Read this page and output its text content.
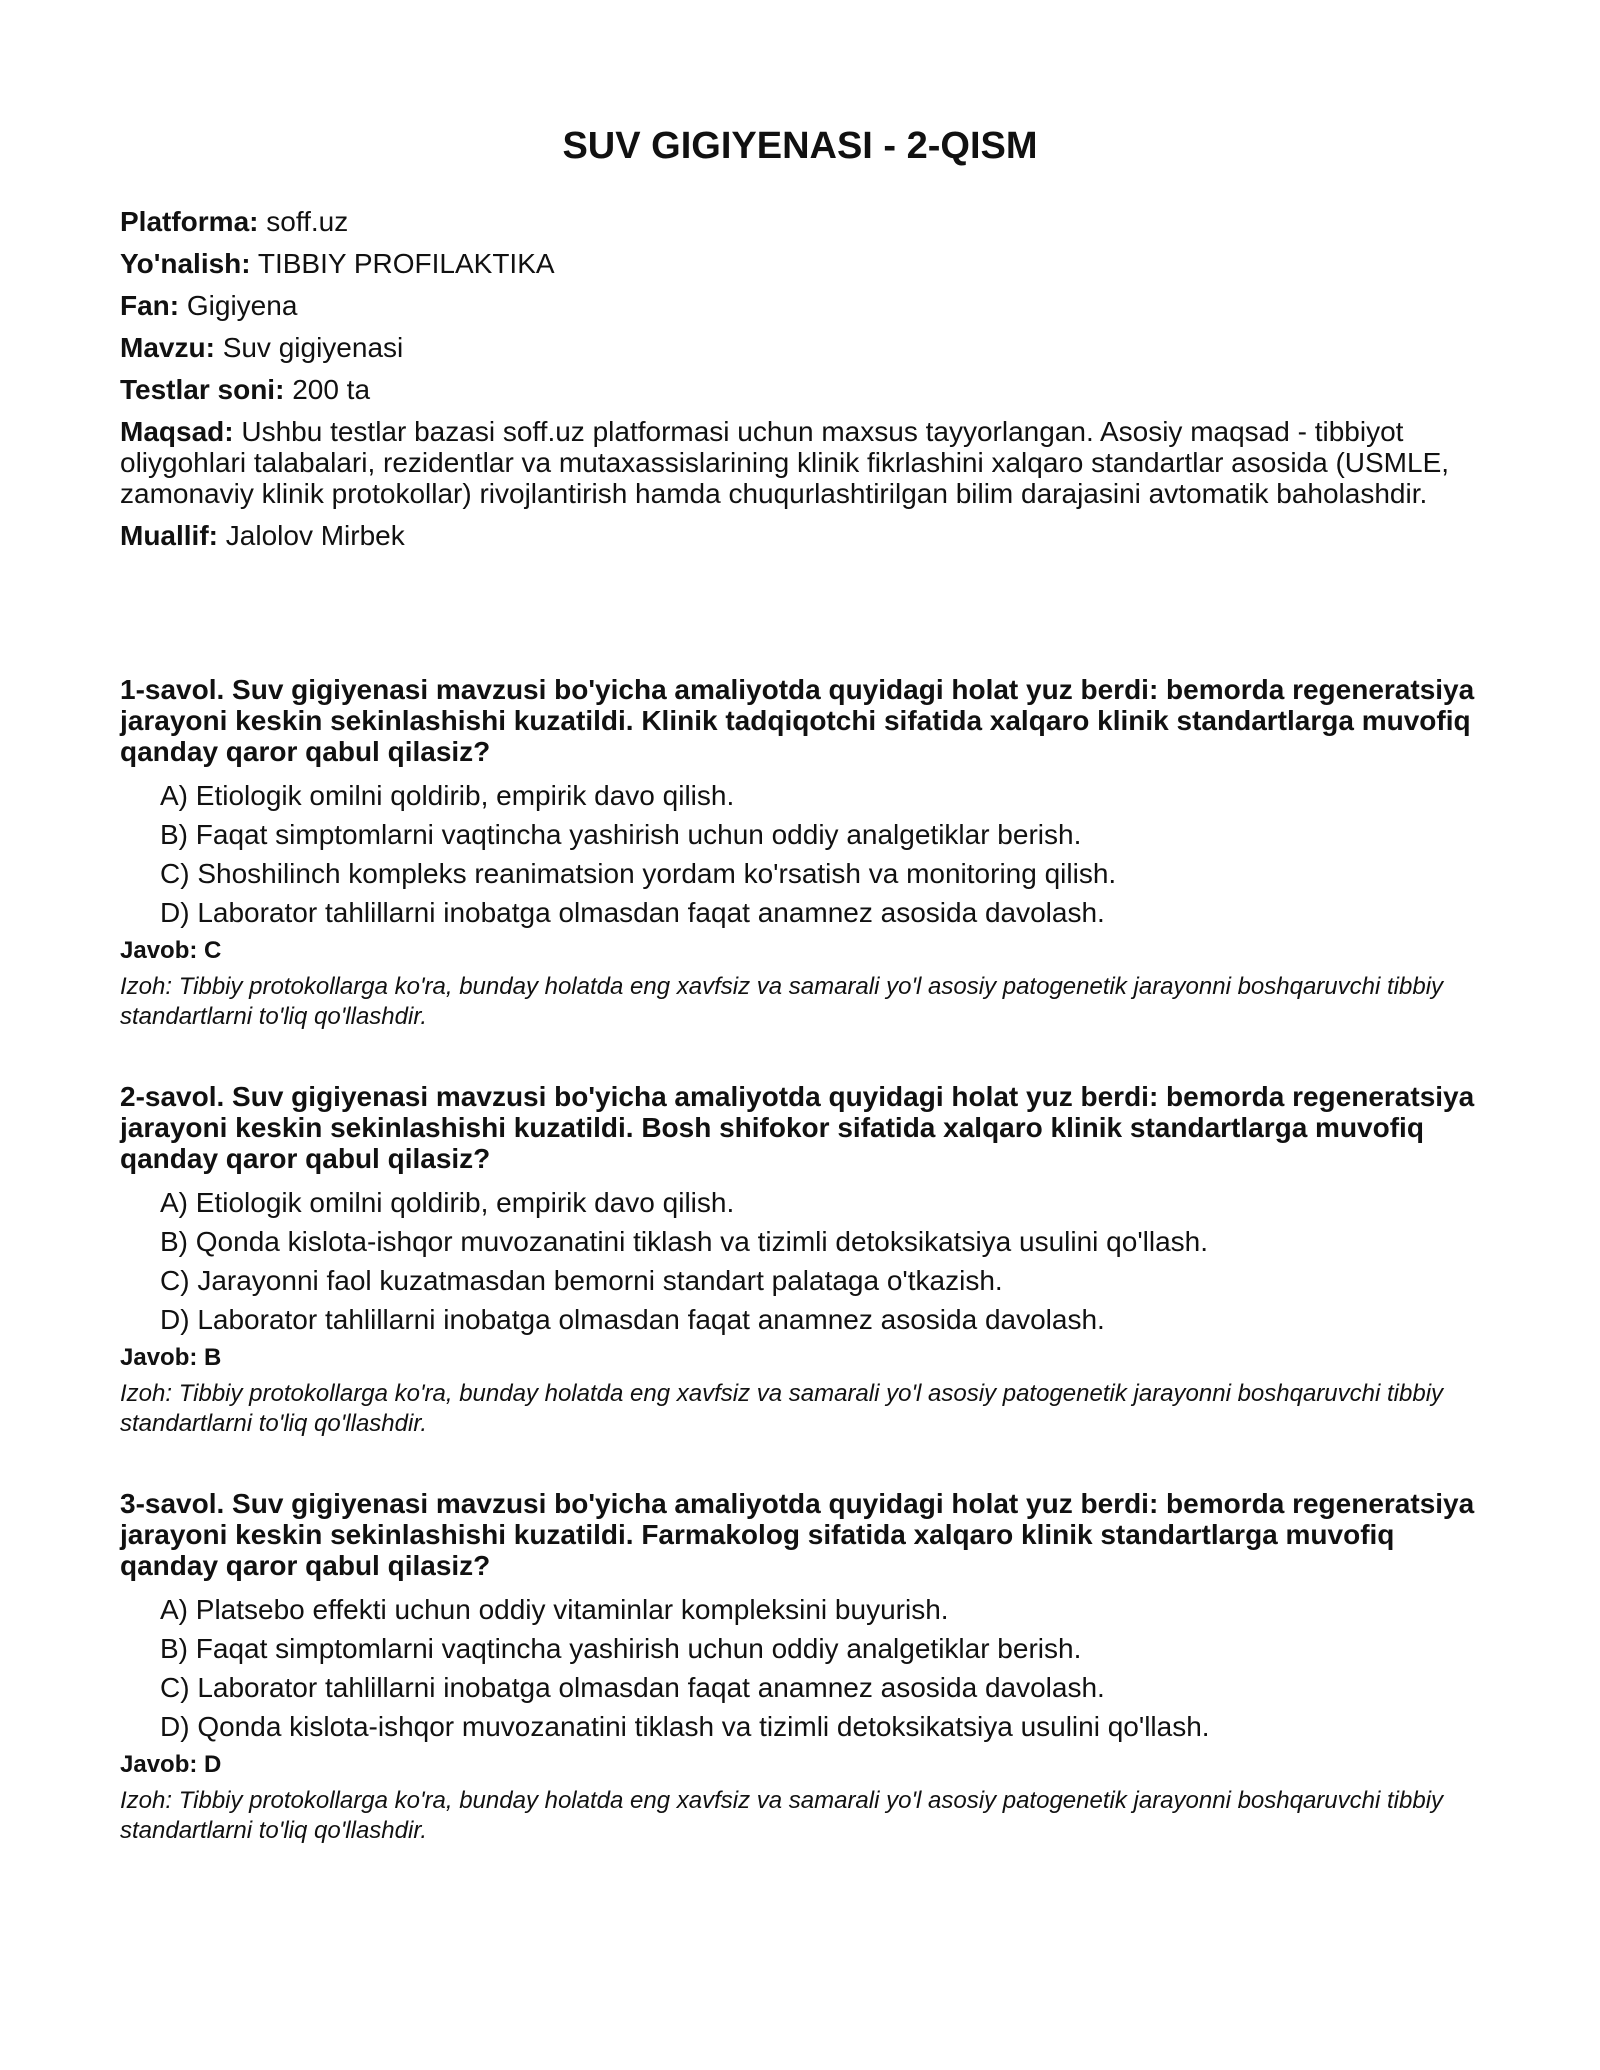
SUV GIGIYENASI - 2-QISM
Platforma: soff.uz
Yo'nalish: TIBBIY PROFILAKTIKA
Fan: Gigiyena
Mavzu: Suv gigiyenasi
Testlar soni: 200 ta
Maqsad: Ushbu testlar bazasi soff.uz platformasi uchun maxsus tayyorlangan. Asosiy maqsad - tibbiyot oliygohlari talabalari, rezidentlar va mutaxassislarining klinik fikrlashini xalqaro standartlar asosida (USMLE, zamonaviy klinik protokollar) rivojlantirish hamda chuqurlashtirilgan bilim darajasini avtomatik baholashdir.
Muallif: Jalolov Mirbek
1-savol. Suv gigiyenasi mavzusi bo'yicha amaliyotda quyidagi holat yuz berdi: bemorda regeneratsiya jarayoni keskin sekinlashishi kuzatildi. Klinik tadqiqotchi sifatida xalqaro klinik standartlarga muvofiq qanday qaror qabul qilasiz?
A) Etiologik omilni qoldirib, empirik davo qilish.
B) Faqat simptomlarni vaqtincha yashirish uchun oddiy analgetiklar berish.
C) Shoshilinch kompleks reanimatsion yordam ko'rsatish va monitoring qilish.
D) Laborator tahlillarni inobatga olmasdan faqat anamnez asosida davolash.
Javob: C
Izoh: Tibbiy protokollarga ko'ra, bunday holatda eng xavfsiz va samarali yo'l asosiy patogenetik jarayonni boshqaruvchi tibbiy standartlarni to'liq qo'llashdir.
2-savol. Suv gigiyenasi mavzusi bo'yicha amaliyotda quyidagi holat yuz berdi: bemorda regeneratsiya jarayoni keskin sekinlashishi kuzatildi. Bosh shifokor sifatida xalqaro klinik standartlarga muvofiq qanday qaror qabul qilasiz?
A) Etiologik omilni qoldirib, empirik davo qilish.
B) Qonda kislota-ishqor muvozanatini tiklash va tizimli detoksikatsiya usulini qo'llash.
C) Jarayonni faol kuzatmasdan bemorni standart palataga o'tkazish.
D) Laborator tahlillarni inobatga olmasdan faqat anamnez asosida davolash.
Javob: B
Izoh: Tibbiy protokollarga ko'ra, bunday holatda eng xavfsiz va samarali yo'l asosiy patogenetik jarayonni boshqaruvchi tibbiy standartlarni to'liq qo'llashdir.
3-savol. Suv gigiyenasi mavzusi bo'yicha amaliyotda quyidagi holat yuz berdi: bemorda regeneratsiya jarayoni keskin sekinlashishi kuzatildi. Farmakolog sifatida xalqaro klinik standartlarga muvofiq qanday qaror qabul qilasiz?
A) Platsebo effekti uchun oddiy vitaminlar kompleksini buyurish.
B) Faqat simptomlarni vaqtincha yashirish uchun oddiy analgetiklar berish.
C) Laborator tahlillarni inobatga olmasdan faqat anamnez asosida davolash.
D) Qonda kislota-ishqor muvozanatini tiklash va tizimli detoksikatsiya usulini qo'llash.
Javob: D
Izoh: Tibbiy protokollarga ko'ra, bunday holatda eng xavfsiz va samarali yo'l asosiy patogenetik jarayonni boshqaruvchi tibbiy standartlarni to'liq qo'llashdir.
